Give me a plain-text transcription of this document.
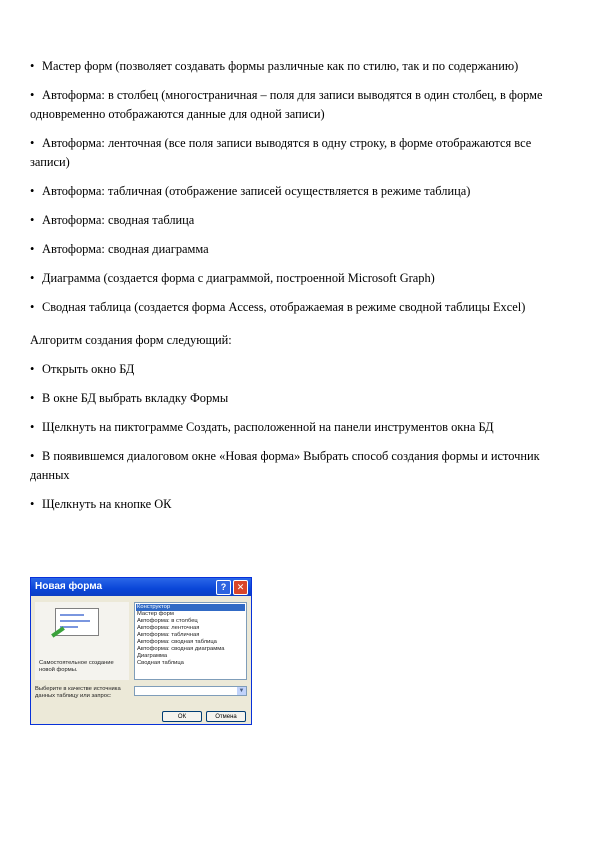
• Мастер форм (позволяет создавать формы различные как по стилю, так и по содержанию)

• Автоформа: в столбец (многостраничная – поля для записи выводятся в один столбец, в форме одновременно отображаются данные для одной записи)

• Автоформа: ленточная (все поля записи выводятся в одну строку, в форме отображаются все записи)

• Автоформа: табличная (отображение записей осуществляется в режиме таблица)

• Автоформа: сводная таблица

• Автоформа: сводная диаграмма

• Диаграмма (создается форма с диаграммой, построенной Microsoft Graph)

• Сводная таблица (создается форма Access, отображаемая в режиме сводной таблицы Excel)

Алгоритм создания форм следующий:

• Открыть окно БД

• В окне БД выбрать вкладку Формы

• Щелкнуть на пиктограмме Создать, расположенной на панели инструментов окна БД

• В появившемся диалоговом окне «Новая форма» Выбрать способ создания формы и источник данных

• Щелкнуть на кнопке ОК

Новая форма	?	✕
Самостоятельное создание новой формы.
Конструктор
Мастер форм
Автоформа: в столбец
Автоформа: ленточная
Автоформа: табличная
Автоформа: сводная таблица
Автоформа: сводная диаграмма
Диаграмма
Сводная таблица
Выберите в качестве источника данных таблицу или запрос:
▼
ОК	Отмена
